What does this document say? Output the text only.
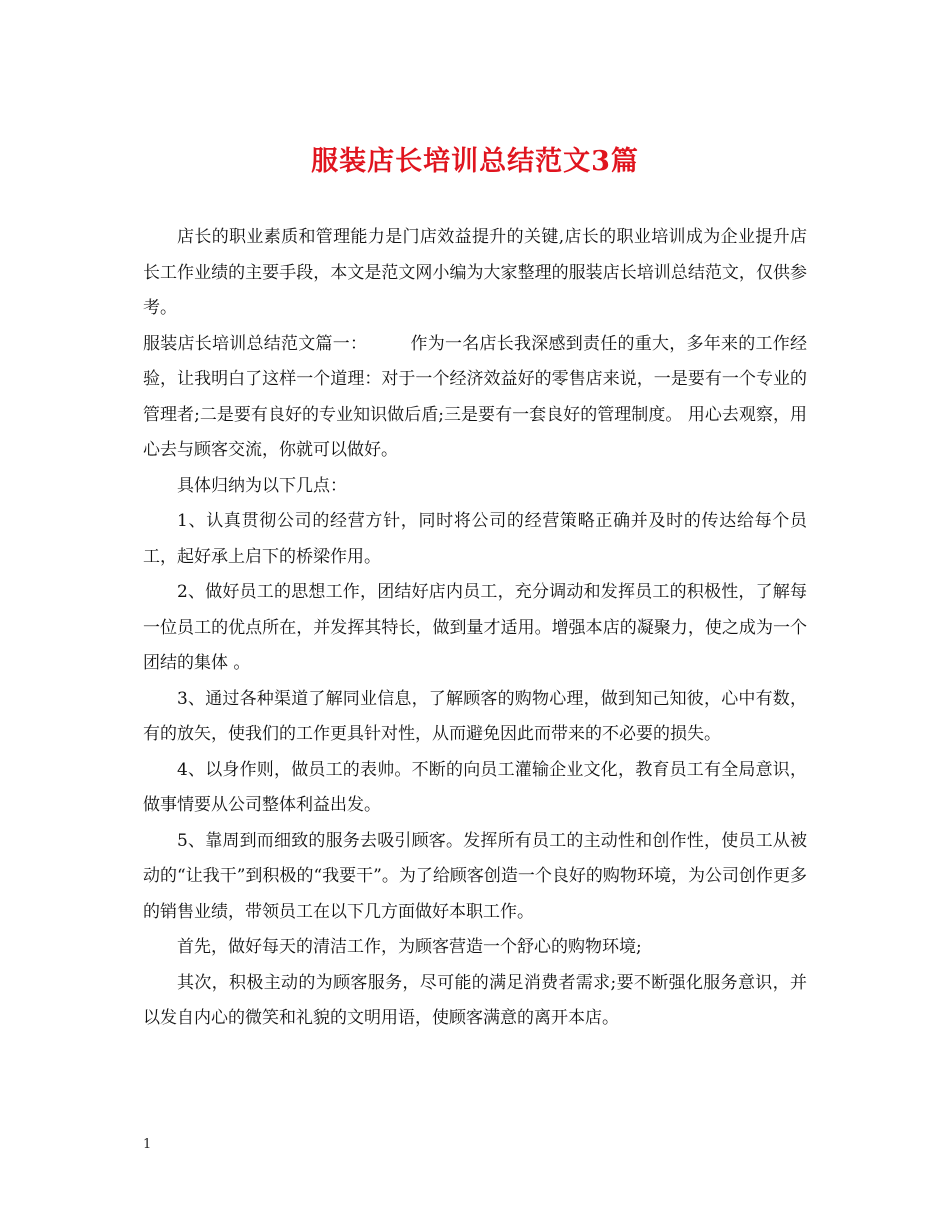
服装店长培训总结范文3篇

店长的职业素质和管理能力是门店效益提升的关键,店长的职业培训成为企业提升店长工作业绩的主要手段，本文是范文网小编为大家整理的服装店长培训总结范文，仅供参考。

服装店长培训总结范文篇一：　　　作为一名店长我深感到责任的重大，多年来的工作经验，让我明白了这样一个道理：对于一个经济效益好的零售店来说，一是要有一个专业的管理者;二是要有良好的专业知识做后盾;三是要有一套良好的管理制度。 用心去观察，用心去与顾客交流，你就可以做好。

具体归纳为以下几点：

1、认真贯彻公司的经营方针，同时将公司的经营策略正确并及时的传达给每个员工，起好承上启下的桥梁作用。

2、做好员工的思想工作，团结好店内员工，充分调动和发挥员工的积极性，了解每一位员工的优点所在，并发挥其特长，做到量才适用。增强本店的凝聚力，使之成为一个团结的集体 。

3、通过各种渠道了解同业信息，了解顾客的购物心理，做到知己知彼，心中有数，有的放矢，使我们的工作更具针对性，从而避免因此而带来的不必要的损失。

4、以身作则，做员工的表帅。不断的向员工灌输企业文化，教育员工有全局意识，做事情要从公司整体利益出发。

5、靠周到而细致的服务去吸引顾客。发挥所有员工的主动性和创作性，使员工从被动的“让我干”到积极的“我要干”。为了给顾客创造一个良好的购物环境，为公司创作更多的销售业绩，带领员工在以下几方面做好本职工作。

首先，做好每天的清洁工作，为顾客营造一个舒心的购物环境;

其次，积极主动的为顾客服务，尽可能的满足消费者需求;要不断强化服务意识，并以发自内心的微笑和礼貌的文明用语，使顾客满意的离开本店。

1
